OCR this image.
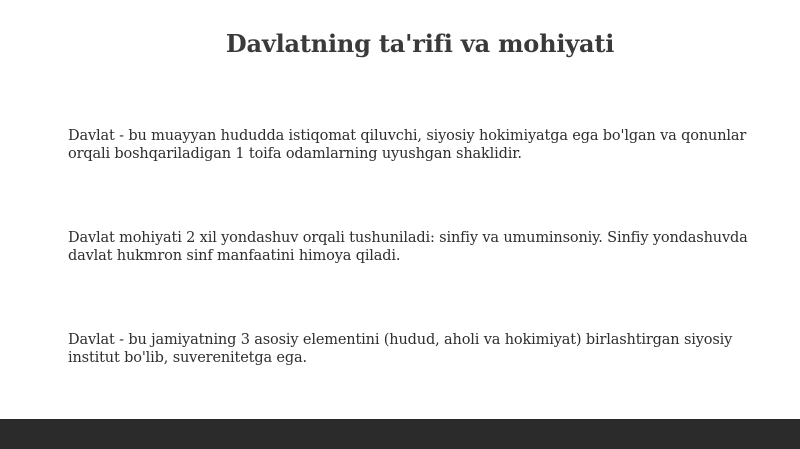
Davlatning ta'rifi va mohiyati

Davlat - bu muayyan hududda istiqomat qiluvchi, siyosiy hokimiyatga ega bo'lgan va qonunlar orqali boshqariladigan 1 toifa odamlarning uyushgan shaklidir.

Davlat mohiyati 2 xil yondashuv orqali tushuniladi: sinfiy va umuminsoniy. Sinfiy yondashuvda davlat hukmron sinf manfaatini himoya qiladi.

Davlat - bu jamiyatning 3 asosiy elementini (hudud, aholi va hokimiyat) birlashtirgan siyosiy institut bo'lib, suverenitetga ega.
